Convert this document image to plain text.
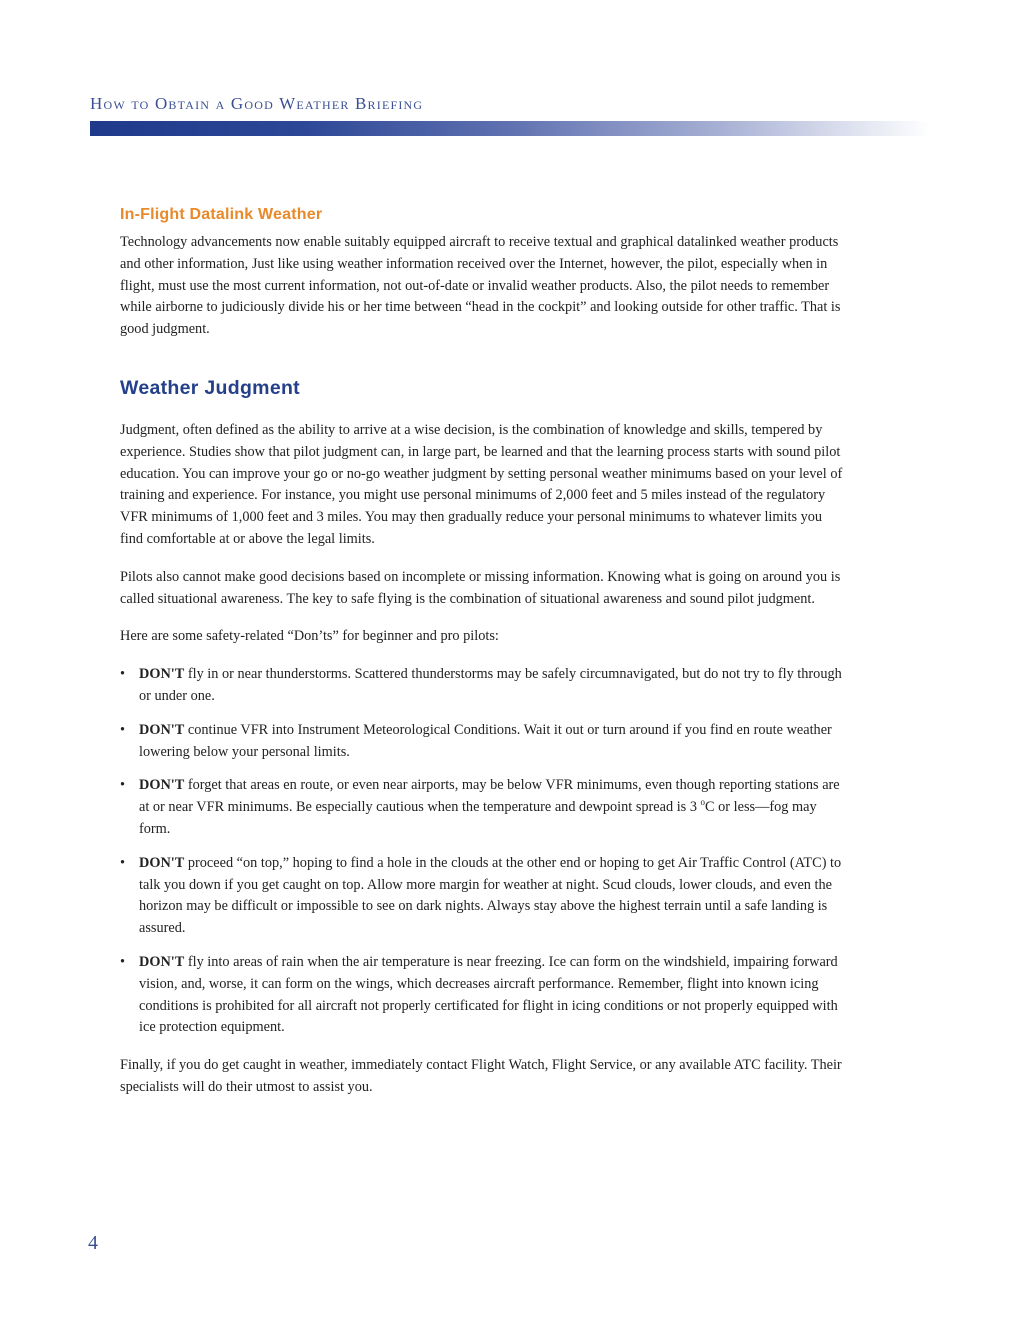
How to Obtain a Good Weather Briefing
In-Flight Datalink Weather

Technology advancements now enable suitably equipped aircraft to receive textual and graphical datalinked weather products and other information, Just like using weather information received over the Internet, however, the pilot, especially when in flight, must use the most current information, not out-of-date or invalid weather products. Also, the pilot needs to remember while airborne to judiciously divide his or her time between “head in the cockpit” and looking outside for other traffic. That is good judgment.

Weather Judgment

Judgment, often defined as the ability to arrive at a wise decision, is the combination of knowledge and skills, tempered by experience. Studies show that pilot judgment can, in large part, be learned and that the learning process starts with sound pilot education. You can improve your go or no-go weather judgment by setting personal weather minimums based on your level of training and experience. For instance, you might use personal minimums of 2,000 feet and 5 miles instead of the regulatory VFR minimums of 1,000 feet and 3 miles. You may then gradually reduce your personal minimums to whatever limits you find comfortable at or above the legal limits.

Pilots also cannot make good decisions based on incomplete or missing information. Knowing what is going on around you is called situational awareness. The key to safe flying is the combination of situational awareness and sound pilot judgment.

Here are some safety-related “Don’ts” for beginner and pro pilots:

• DON'T fly in or near thunderstorms. Scattered thunderstorms may be safely circumnavigated, but do not try to fly through or under one.
• DON'T continue VFR into Instrument Meteorological Conditions. Wait it out or turn around if you find en route weather lowering below your personal limits.
• DON'T forget that areas en route, or even near airports, may be below VFR minimums, even though reporting stations are at or near VFR minimums. Be especially cautious when the temperature and dewpoint spread is 3 $^o$C or less—fog may form.
• DON'T proceed “on top,” hoping to find a hole in the clouds at the other end or hoping to get Air Traffic Control (ATC) to talk you down if you get caught on top. Allow more margin for weather at night. Scud clouds, lower clouds, and even the horizon may be difficult or impossible to see on dark nights. Always stay above the highest terrain until a safe landing is assured.
• DON'T fly into areas of rain when the air temperature is near freezing. Ice can form on the windshield, impairing forward vision, and, worse, it can form on the wings, which decreases aircraft performance. Remember, flight into known icing conditions is prohibited for all aircraft not properly certificated for flight in icing conditions or not properly equipped with ice protection equipment.

Finally, if you do get caught in weather, immediately contact Flight Watch, Flight Service, or any available ATC facility. Their specialists will do their utmost to assist you.

4
